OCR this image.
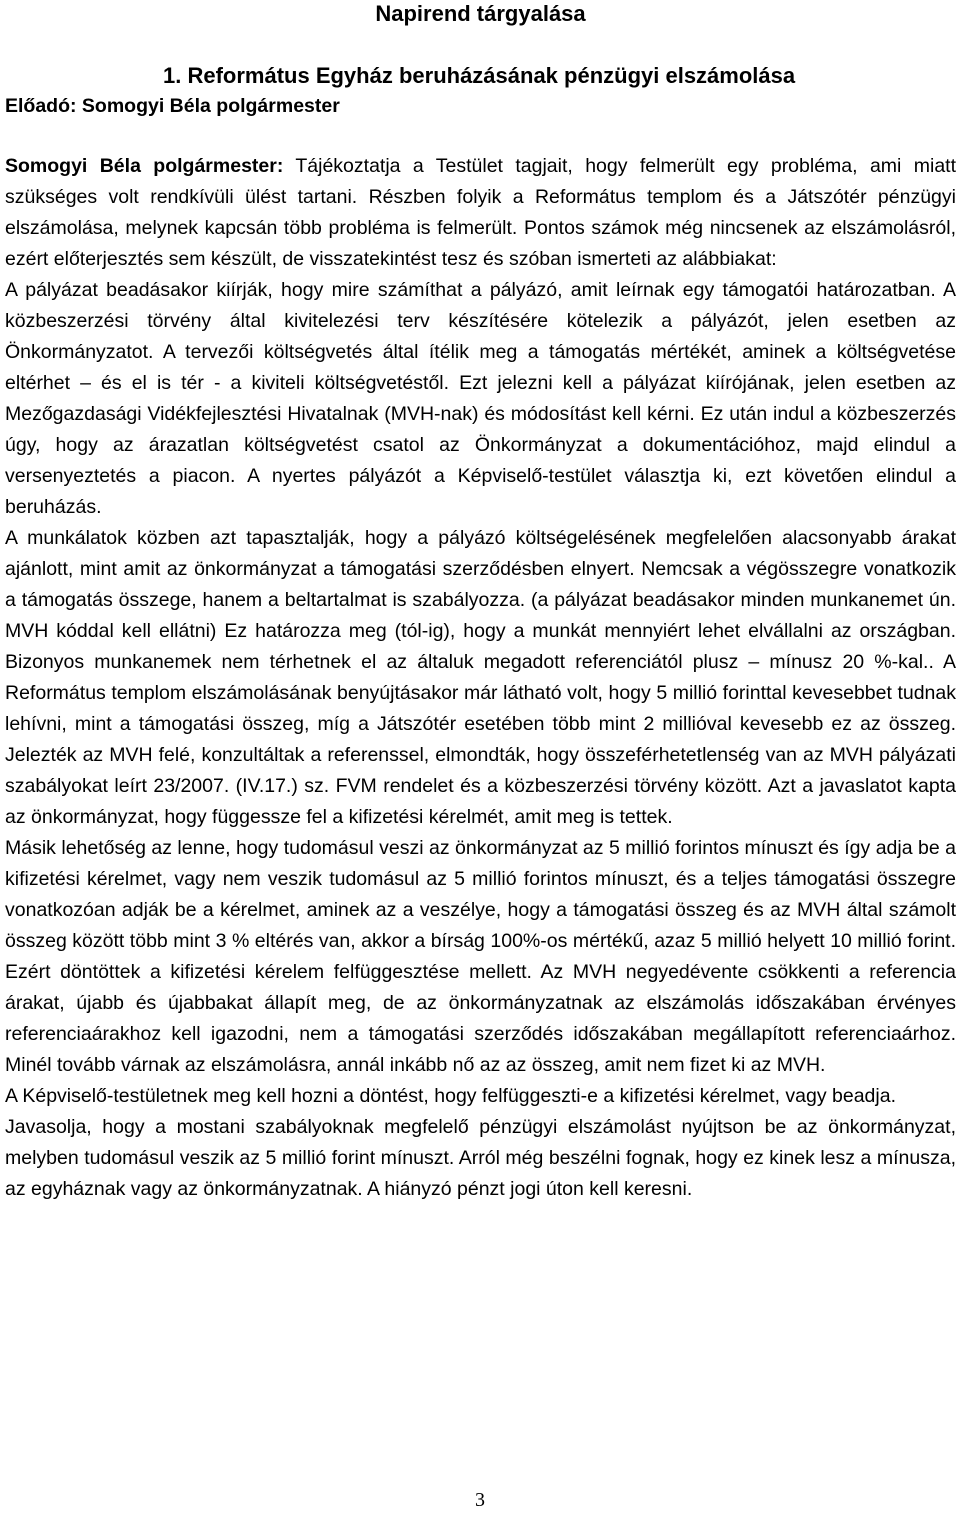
Napirend tárgyalása
1. Református Egyház beruházásának pénzügyi elszámolása

Előadó: Somogyi Béla polgármester

Somogyi Béla polgármester: Tájékoztatja a Testület tagjait, hogy felmerült egy probléma, ami miatt szükséges volt rendkívüli ülést tartani. Részben folyik a Református templom és a Játszótér pénzügyi elszámolása, melynek kapcsán több probléma is felmerült. Pontos számok még nincsenek az elszámolásról, ezért előterjesztés sem készült, de visszatekintést tesz és szóban ismerteti az alábbiakat:

A pályázat beadásakor kiírják, hogy mire számíthat a pályázó, amit leírnak egy támogatói határozatban. A közbeszerzési törvény által kivitelezési terv készítésére kötelezik a pályázót, jelen esetben az Önkormányzatot. A tervezői költségvetés által ítélik meg a támogatás mértékét, aminek a költségvetése eltérhet – és el is tér - a kiviteli költségvetéstől. Ezt jelezni kell a pályázat kiírójának, jelen esetben az Mezőgazdasági Vidékfejlesztési Hivatalnak (MVH-nak) és módosítást kell kérni. Ez után indul a közbeszerzés úgy, hogy az árazatlan költségvetést csatol az Önkormányzat a dokumentációhoz, majd elindul a versenyeztetés a piacon. A nyertes pályázót a Képviselő-testület választja ki, ezt követően elindul a beruházás.

A munkálatok közben azt tapasztalják, hogy a pályázó költségelésének megfelelően alacsonyabb árakat ajánlott, mint amit az önkormányzat a támogatási szerződésben elnyert. Nemcsak a végösszegre vonatkozik a támogatás összege, hanem a beltartalmat is szabályozza. (a pályázat beadásakor minden munkanemet ún. MVH kóddal kell ellátni) Ez határozza meg (tól-ig), hogy a munkát mennyiért lehet elvállalni az országban. Bizonyos munkanemek nem térhetnek el az általuk megadott referenciától plusz – mínusz 20 %-kal.. A Református templom elszámolásának benyújtásakor már látható volt, hogy 5 millió forinttal kevesebbet tudnak lehívni, mint a támogatási összeg, míg a Játszótér esetében több mint 2 millióval kevesebb ez az összeg. Jelezték az MVH felé, konzultáltak a referenssel, elmondták, hogy összeférhetetlenség van az MVH pályázati szabályokat leírt 23/2007. (IV.17.) sz. FVM rendelet és a közbeszerzési törvény között. Azt a javaslatot kapta az önkormányzat, hogy függessze fel a kifizetési kérelmét, amit meg is tettek.

Másik lehetőség az lenne, hogy tudomásul veszi az önkormányzat az 5 millió forintos mínuszt és így adja be a kifizetési kérelmet, vagy nem veszik tudomásul az 5 millió forintos mínuszt, és a teljes támogatási összegre vonatkozóan adják be a kérelmet, aminek az a veszélye, hogy a támogatási összeg és az MVH által számolt összeg között több mint 3 % eltérés van, akkor a bírság 100%-os mértékű, azaz 5 millió helyett 10 millió forint. Ezért döntöttek a kifizetési kérelem felfüggesztése mellett. Az MVH negyedévente csökkenti a referencia árakat, újabb és újabbakat állapít meg, de az önkormányzatnak az elszámolás időszakában érvényes referenciaárakhoz kell igazodni, nem a támogatási szerződés időszakában megállapított referenciaárhoz. Minél tovább várnak az elszámolásra, annál inkább nő az az összeg, amit nem fizet ki az MVH.

A Képviselő-testületnek meg kell hozni a döntést, hogy felfüggeszti-e a kifizetési kérelmet, vagy beadja.

Javasolja, hogy a mostani szabályoknak megfelelő pénzügyi elszámolást nyújtson be az önkormányzat, melyben tudomásul veszik az 5 millió forint mínuszt. Arról még beszélni fognak, hogy ez kinek lesz a mínusza, az egyháznak vagy az önkormányzatnak. A hiányzó pénzt jogi úton kell keresni.

3
